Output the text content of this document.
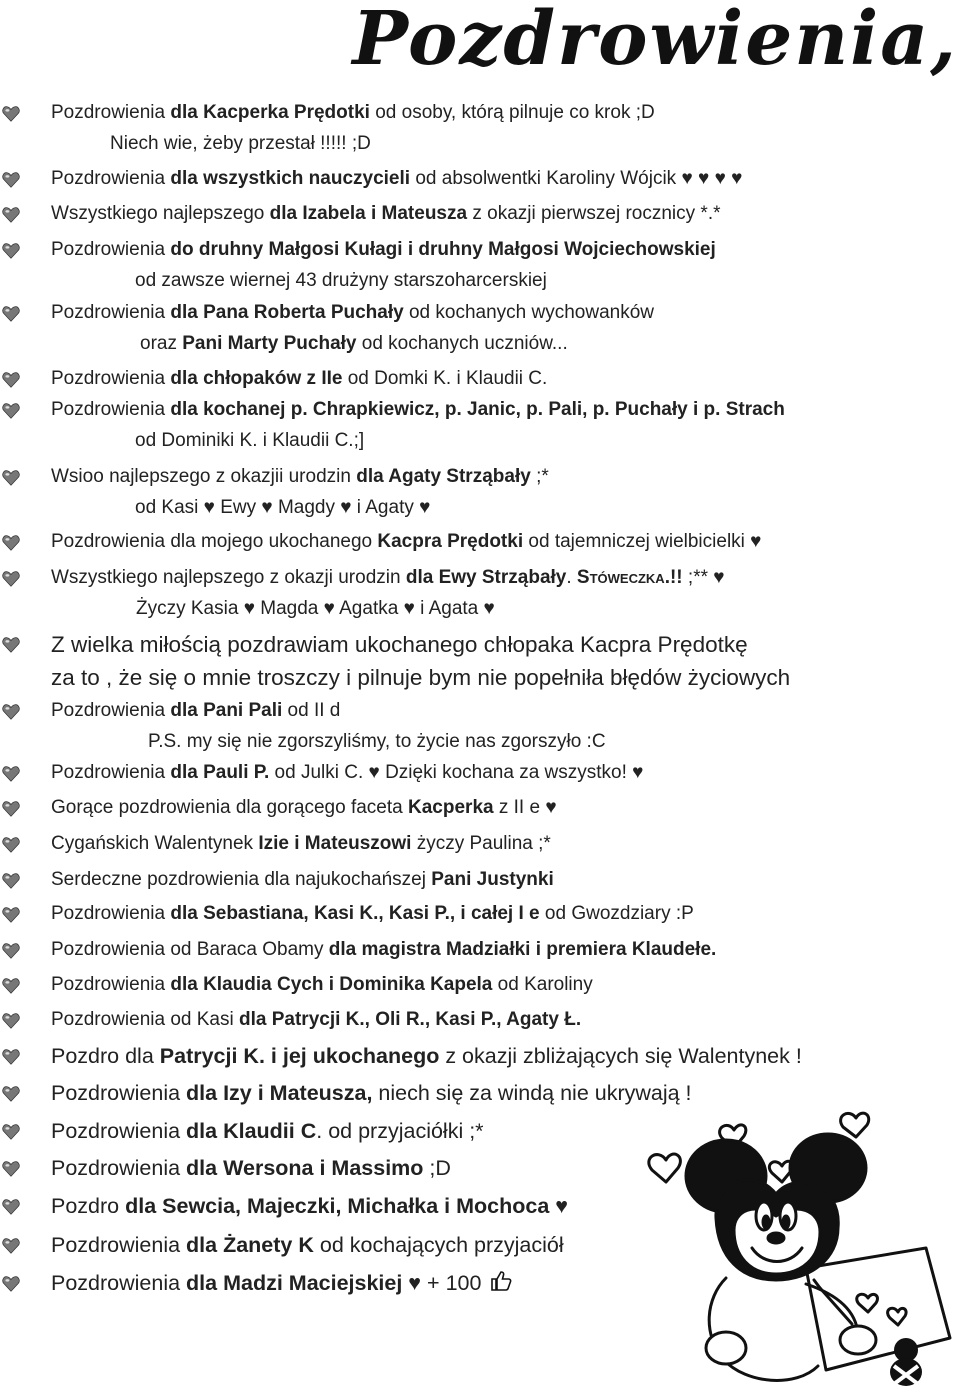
Pozdrowienia,
Pozdrowienia dla Kacperka Prędotki od osoby, którą pilnuje co krok ;D
Niech wie, żeby przestał !!!!! ;D
Pozdrowienia dla wszystkich nauczycieli od absolwentki Karoliny Wójcik ♥ ♥ ♥ ♥
Wszystkiego najlepszego dla Izabela i Mateusza z okazji pierwszej rocznicy *.*
Pozdrowienia do druhny Małgosi Kułagi i druhny Małgosi Wojciechowskiej
od zawsze wiernej 43 drużyny starszoharcerskiej
Pozdrowienia dla Pana Roberta Puchały od kochanych wychowanków
oraz Pani Marty Puchały od kochanych uczniów...
Pozdrowienia dla chłopaków z IIe od Domki K. i Klaudii C.
Pozdrowienia dla kochanej p. Chrapkiewicz, p. Janic, p. Pali, p. Puchały i p. Strach
od Dominiki K. i Klaudii C.;]
Wsioo najlepszego z okazjii urodzin dla Agaty Strząbały ;*
od Kasi ♥ Ewy ♥ Magdy ♥ i Agaty ♥
Pozdrowienia dla mojego ukochanego Kacpra Prędotki od tajemniczej wielbicielki ♥
Wszystkiego najlepszego z okazji urodzin dla Ewy Strząbały. Stóweczka.!! ;** ♥
Życzy Kasia ♥ Magda ♥ Agatka ♥ i Agata ♥
Z wielka miłością pozdrawiam ukochanego chłopaka Kacpra Prędotkę
za to , że się o mnie troszczy i pilnuje bym nie popełniła błędów życiowych
Pozdrowienia dla Pani Pali od II d
P.S. my się nie zgorszyliśmy, to życie nas zgorszyło :C
Pozdrowienia dla Pauli P. od Julki C. ♥ Dzięki kochana za wszystko! ♥
Gorące pozdrowienia dla gorącego faceta Kacperka z II e ♥
Cygańskich Walentynek Izie i Mateuszowi życzy Paulina ;*
Serdeczne pozdrowienia dla najukochańszej Pani Justynki
Pozdrowienia dla Sebastiana, Kasi K., Kasi P., i całej I e od Gwozdziary :P
Pozdrowienia od Baraca Obamy dla magistra Madziałki i premiera Klaudełe.
Pozdrowienia dla Klaudia Cych i Dominika Kapela od Karoliny
Pozdrowienia od Kasi dla Patrycji K., Oli R., Kasi P., Agaty Ł.
Pozdro dla Patrycji K. i jej ukochanego z okazji zbliżających się Walentynek !
Pozdrowienia dla Izy i Mateusza, niech się za windą nie ukrywają !
Pozdrowienia dla Klaudii C. od przyjaciółki ;*
Pozdrowienia dla Wersona i Massimo ;D
Pozdro dla Sewcia, Majeczki, Michałka i Mochoca ♥
Pozdrowienia dla Żanety K od kochających przyjaciół
Pozdrowienia dla Madzi Maciejskiej ♥ + 100
